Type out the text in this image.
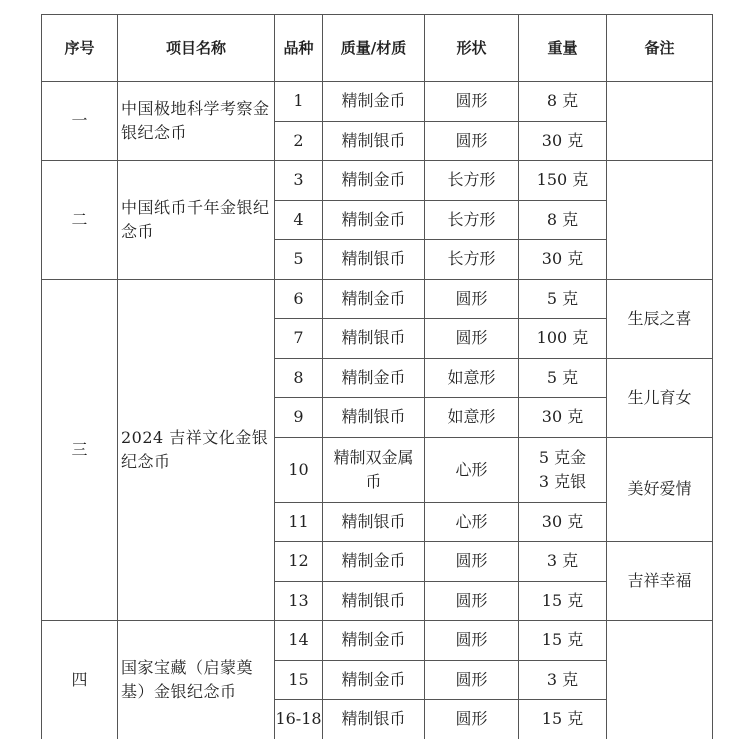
序号	项目名称	品种	质量/材质	形状	重量	备注
一	中国极地科学考察金银纪念币	1	精制金币	圆形	8 克	
		2	精制银币	圆形	30 克	
二	中国纸币千年金银纪念币	3	精制金币	长方形	150 克	
		4	精制金币	长方形	8 克	
		5	精制银币	长方形	30 克	
三	2024 吉祥文化金银纪念币	6	精制金币	圆形	5 克	生辰之喜
		7	精制银币	圆形	100 克	
		8	精制金币	如意形	5 克	生儿育女
		9	精制银币	如意形	30 克	
		10	精制双金属币	心形	5 克金 3 克银	美好爱情
		11	精制银币	心形	30 克	
		12	精制金币	圆形	3 克	吉祥幸福
		13	精制银币	圆形	15 克	
四	国家宝藏（启蒙奠基）金银纪念币	14	精制金币	圆形	15 克	
		15	精制金币	圆形	3 克	
		16-18	精制银币	圆形	15 克	
